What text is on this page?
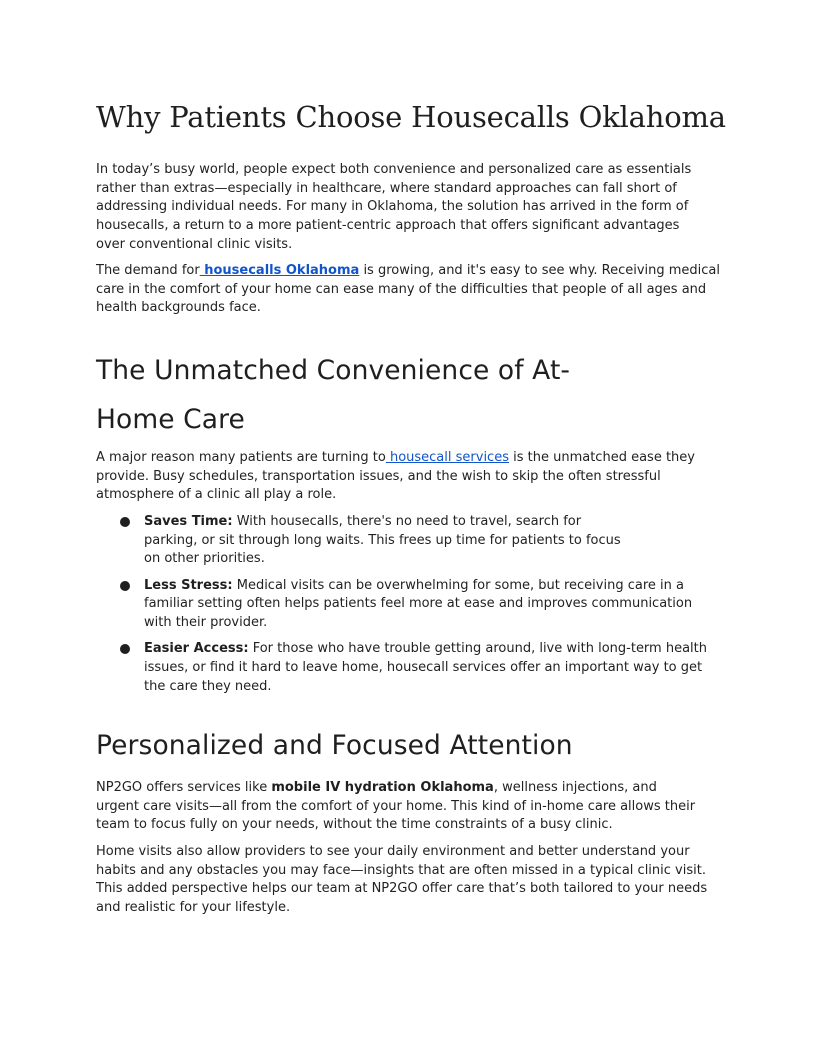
Why Patients Choose Housecalls Oklahoma

In today’s busy world, people expect both convenience and personalized care as essentials rather than extras—especially in healthcare, where standard approaches can fall short of addressing individual needs. For many in Oklahoma, the solution has arrived in the form of housecalls, a return to a more patient-centric approach that offers significant advantages over conventional clinic visits.

The demand for housecalls Oklahoma is growing, and it's easy to see why. Receiving medical care in the comfort of your home can ease many of the difficulties that people of all ages and health backgrounds face.

The Unmatched Convenience of At-Home Care

A major reason many patients are turning to housecall services is the unmatched ease they provide. Busy schedules, transportation issues, and the wish to skip the often stressful atmosphere of a clinic all play a role.

Saves Time: With housecalls, there's no need to travel, search for parking, or sit through long waits. This frees up time for patients to focus on other priorities.
Less Stress: Medical visits can be overwhelming for some, but receiving care in a familiar setting often helps patients feel more at ease and improves communication with their provider.
Easier Access: For those who have trouble getting around, live with long-term health issues, or find it hard to leave home, housecall services offer an important way to get the care they need.
Personalized and Focused Attention

NP2GO offers services like mobile IV hydration Oklahoma, wellness injections, and urgent care visits—all from the comfort of your home. This kind of in-home care allows their team to focus fully on your needs, without the time constraints of a busy clinic.

Home visits also allow providers to see your daily environment and better understand your habits and any obstacles you may face—insights that are often missed in a typical clinic visit. This added perspective helps our team at NP2GO offer care that’s both tailored to your needs and realistic for your lifestyle.
